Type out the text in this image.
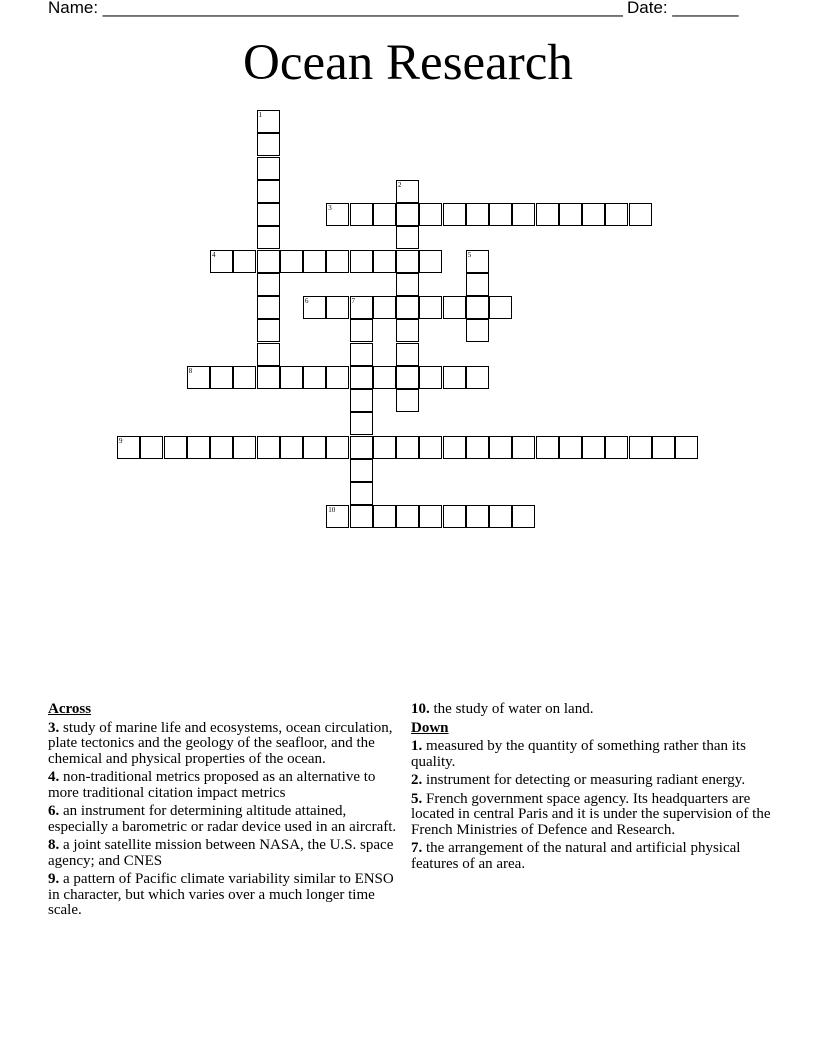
Name: _______________________________________________________ Date: _______
Ocean Research
1
2
3
4	5
6	7
8
9
10
Across
3. study of marine life and ecosystems, ocean circulation, plate tectonics and the geology of the seafloor, and the chemical and physical properties of the ocean.
4. non-traditional metrics proposed as an alternative to more traditional citation impact metrics
6. an instrument for determining altitude attained, especially a barometric or radar device used in an aircraft.
8. a joint satellite mission between NASA, the U.S. space agency; and CNES
9. a pattern of Pacific climate variability similar to ENSO in character, but which varies over a much longer time scale.
10. the study of water on land.
Down
1. measured by the quantity of something rather than its quality.
2. instrument for detecting or measuring radiant energy.
5. French government space agency. Its headquarters are located in central Paris and it is under the supervision of the French Ministries of Defence and Research.
7. the arrangement of the natural and artificial physical features of an area.
